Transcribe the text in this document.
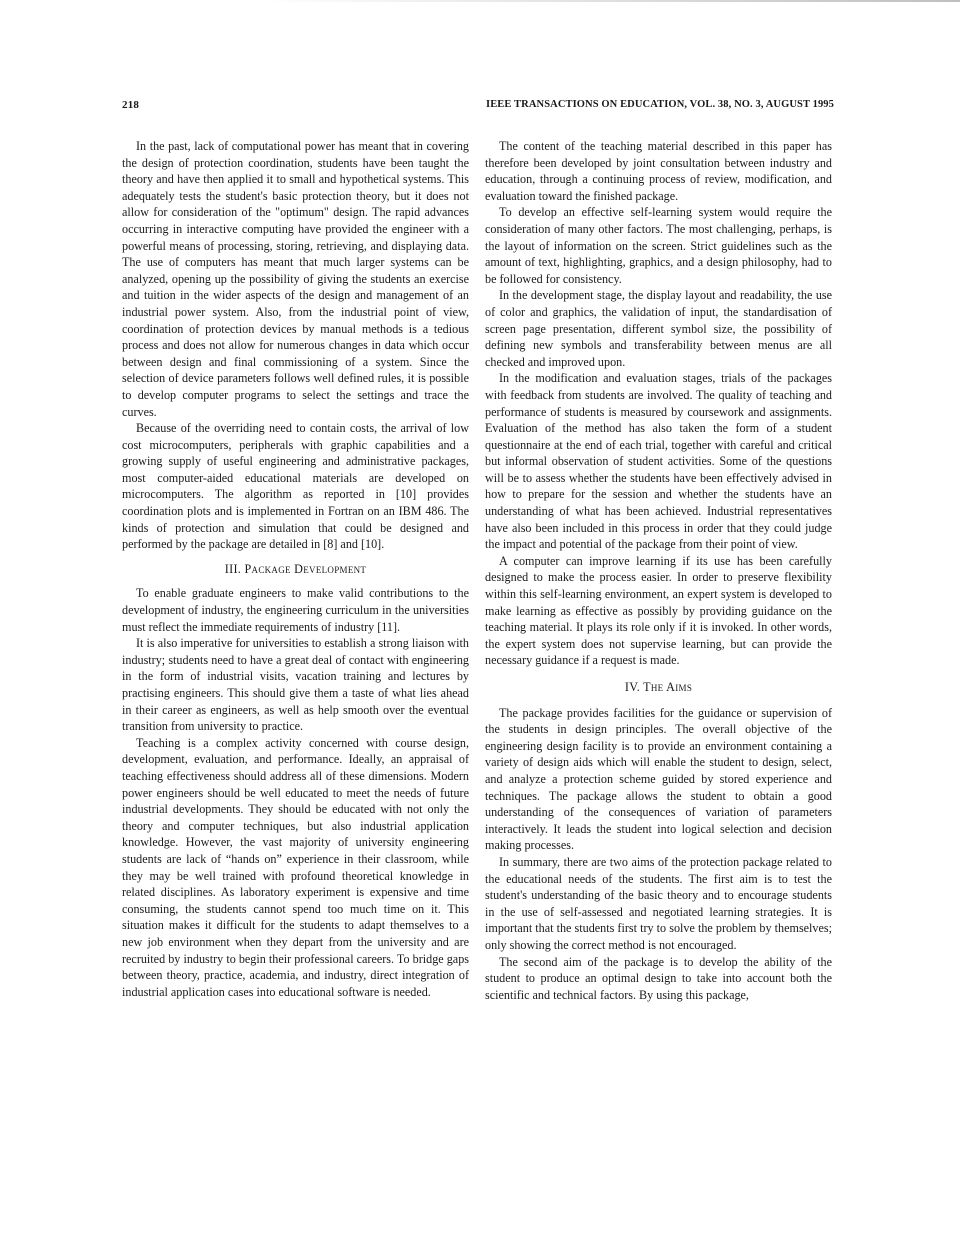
218	IEEE TRANSACTIONS ON EDUCATION, VOL. 38, NO. 3, AUGUST 1995

In the past, lack of computational power has meant that in covering the design of protection coordination, students have been taught the theory and have then applied it to small and hypothetical systems. This adequately tests the student's basic protection theory, but it does not allow for consideration of the "optimum" design. The rapid advances occurring in interactive computing have provided the engineer with a powerful means of processing, storing, retrieving, and displaying data. The use of computers has meant that much larger systems can be analyzed, opening up the possibility of giving the students an exercise and tuition in the wider aspects of the design and management of an industrial power system. Also, from the industrial point of view, coordination of protection devices by manual methods is a tedious process and does not allow for numerous changes in data which occur between design and final commissioning of a system. Since the selection of device parameters follows well defined rules, it is possible to develop computer programs to select the settings and trace the curves.

Because of the overriding need to contain costs, the arrival of low cost microcomputers, peripherals with graphic capabilities and a growing supply of useful engineering and administrative packages, most computer-aided educational materials are developed on microcomputers. The algorithm as reported in [10] provides coordination plots and is implemented in Fortran on an IBM 486. The kinds of protection and simulation that could be designed and performed by the package are detailed in [8] and [10].

III. Package Development

To enable graduate engineers to make valid contributions to the development of industry, the engineering curriculum in the universities must reflect the immediate requirements of industry [11].

It is also imperative for universities to establish a strong liaison with industry; students need to have a great deal of contact with engineering in the form of industrial visits, vacation training and lectures by practising engineers. This should give them a taste of what lies ahead in their career as engineers, as well as help smooth over the eventual transition from university to practice.

Teaching is a complex activity concerned with course design, development, evaluation, and performance. Ideally, an appraisal of teaching effectiveness should address all of these dimensions. Modern power engineers should be well educated to meet the needs of future industrial developments. They should be educated with not only the theory and computer techniques, but also industrial application knowledge. However, the vast majority of university engineering students are lack of “hands on” experience in their classroom, while they may be well trained with profound theoretical knowledge in related disciplines. As laboratory experiment is expensive and time consuming, the students cannot spend too much time on it. This situation makes it difficult for the students to adapt themselves to a new job environment when they depart from the university and are recruited by industry to begin their professional careers. To bridge gaps between theory, practice, academia, and industry, direct integration of industrial application cases into educational software is needed.

The content of the teaching material described in this paper has therefore been developed by joint consultation between industry and education, through a continuing process of review, modification, and evaluation toward the finished package.

To develop an effective self-learning system would require the consideration of many other factors. The most challenging, perhaps, is the layout of information on the screen. Strict guidelines such as the amount of text, highlighting, graphics, and a design philosophy, had to be followed for consistency.

In the development stage, the display layout and readability, the use of color and graphics, the validation of input, the standardisation of screen page presentation, different symbol size, the possibility of defining new symbols and transferability between menus are all checked and improved upon.

In the modification and evaluation stages, trials of the packages with feedback from students are involved. The quality of teaching and performance of students is measured by coursework and assignments. Evaluation of the method has also taken the form of a student questionnaire at the end of each trial, together with careful and critical but informal observation of student activities. Some of the questions will be to assess whether the students have been effectively advised in how to prepare for the session and whether the students have an understanding of what has been achieved. Industrial representatives have also been included in this process in order that they could judge the impact and potential of the package from their point of view.

A computer can improve learning if its use has been carefully designed to make the process easier. In order to preserve flexibility within this self-learning environment, an expert system is developed to make learning as effective as possibly by providing guidance on the teaching material. It plays its role only if it is invoked. In other words, the expert system does not supervise learning, but can provide the necessary guidance if a request is made.

IV. The Aims

The package provides facilities for the guidance or supervision of the students in design principles. The overall objective of the engineering design facility is to provide an environment containing a variety of design aids which will enable the student to design, select, and analyze a protection scheme guided by stored experience and techniques. The package allows the student to obtain a good understanding of the consequences of variation of parameters interactively. It leads the student into logical selection and decision making processes.

In summary, there are two aims of the protection package related to the educational needs of the students. The first aim is to test the student's understanding of the basic theory and to encourage students in the use of self-assessed and negotiated learning strategies. It is important that the students first try to solve the problem by themselves; only showing the correct method is not encouraged.

The second aim of the package is to develop the ability of the student to produce an optimal design to take into account both the scientific and technical factors. By using this package,
